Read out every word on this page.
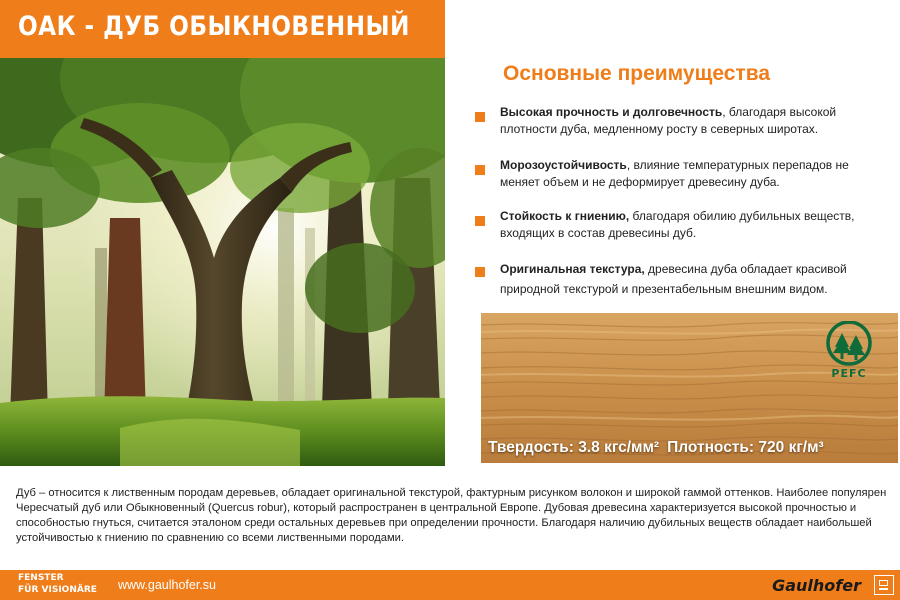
ОАК - ДУБ ОБЫКНОВЕННЫЙ
Основные преимущества
Высокая прочность и долговечность, благодаря высокой плотности дуба, медленному росту в северных широтах.
Морозоустойчивость, влияние температурных перепадов не меняет объем и не деформирует древесину дуба.
Стойкость к гниению, благодаря обилию дубильных веществ, входящих в состав древесины дуб.
Оригинальная текстура, древесина дуба обладает красивой природной текстурой и презентабельным внешним видом.
PEFC
Твердость: 3.8 кгс/мм² Плотность: 720 кг/м³

Дуб – относится к лиственным породам деревьев, обладает оригинальной текстурой, фактурным рисунком волокон и широкой гаммой оттенков. Наиболее популярен Чересчатый дуб или Обыкновенный (Quercus robur), который распространен в центральной Европе. Дубовая древесина характеризуется высокой прочностью и способностью гнуться, считается эталоном среди остальных деревьев при определении прочности. Благодаря наличию дубильных веществ обладает наибольшей устойчивостью к гниению по сравнению со всеми лиственными породами.

FENSTER
FÜR VISIONÄRE www.gaulhofer.su	Gaulhofer
